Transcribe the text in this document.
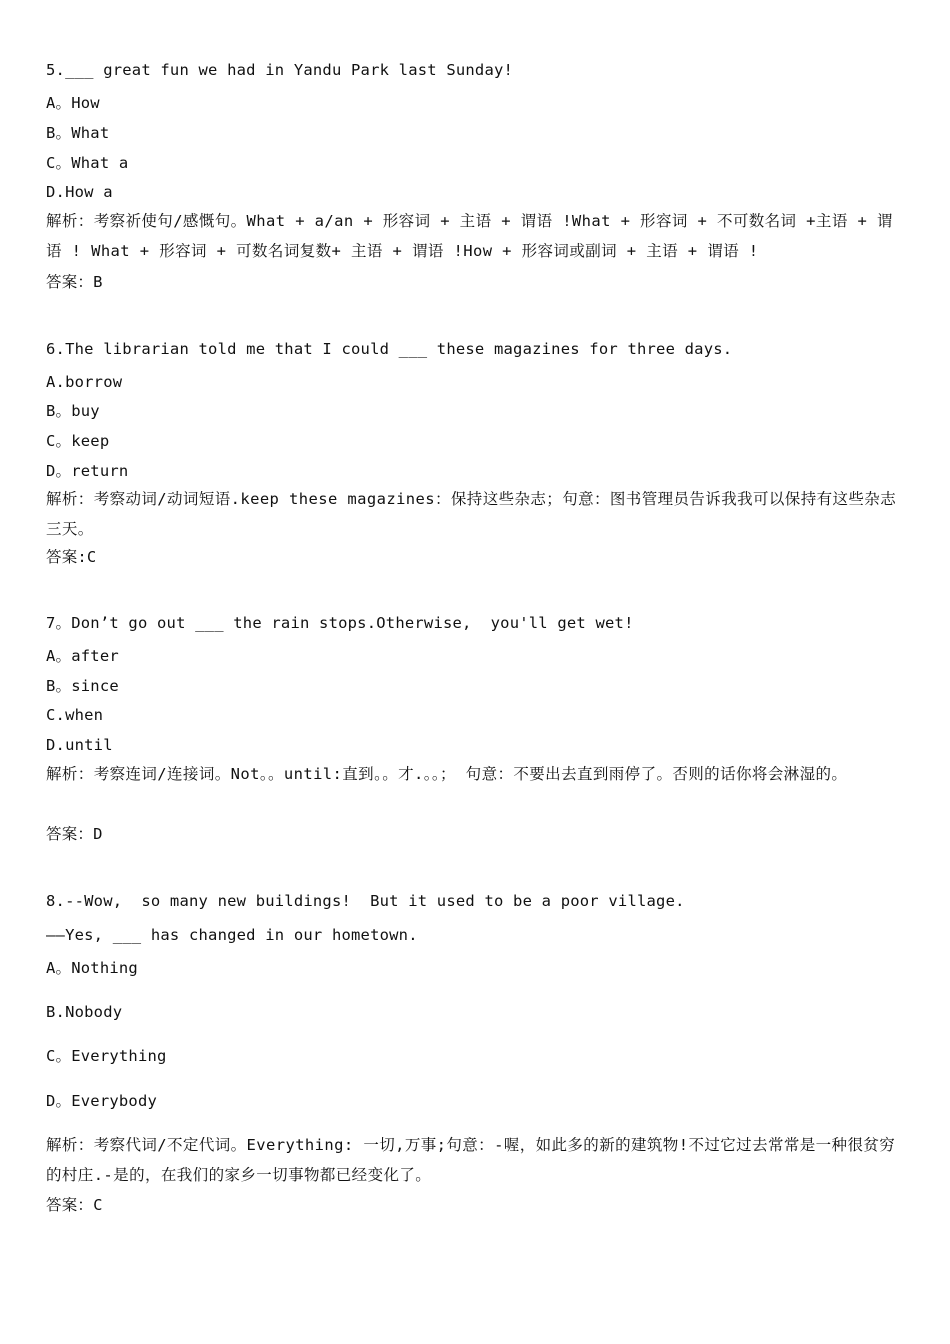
5.___ great fun we had in Yandu Park last Sunday!
A。How
B。What
C。What a
D.How a
解析：考察祈使句/感慨句。What + a/an + 形容词 + 主语 + 谓语 !What + 形容词 + 不可数名词 +主语 + 谓语 ! What + 形容词 + 可数名词复数+ 主语 + 谓语 !How + 形容词或副词 + 主语 + 谓语 !
答案：B
6.The librarian told me that I could ___ these magazines for three days.
A.borrow
B。buy
C。keep
D。return
解析：考察动词/动词短语.keep these magazines：保持这些杂志；句意：图书管理员告诉我我可以保持有这些杂志三天。
答案:C
7。Don’t go out ___ the rain stops.Otherwise,  you'll get wet!
A。after
B。since
C.when
D.until
解析：考察连词/连接词。Not。。until:直到。。才.。。； 句意：不要出去直到雨停了。否则的话你将会淋湿的。
答案：D
8.--Wow,  so many new buildings!  But it used to be a poor village.
——Yes, ___ has changed in our hometown.
A。Nothing
B.Nobody
C。Everything
D。Everybody
解析：考察代词/不定代词。Everything: 一切,万事;句意：-喔，如此多的新的建筑物!不过它过去常常是一种很贫穷的村庄.-是的，在我们的家乡一切事物都已经变化了。
答案：C
